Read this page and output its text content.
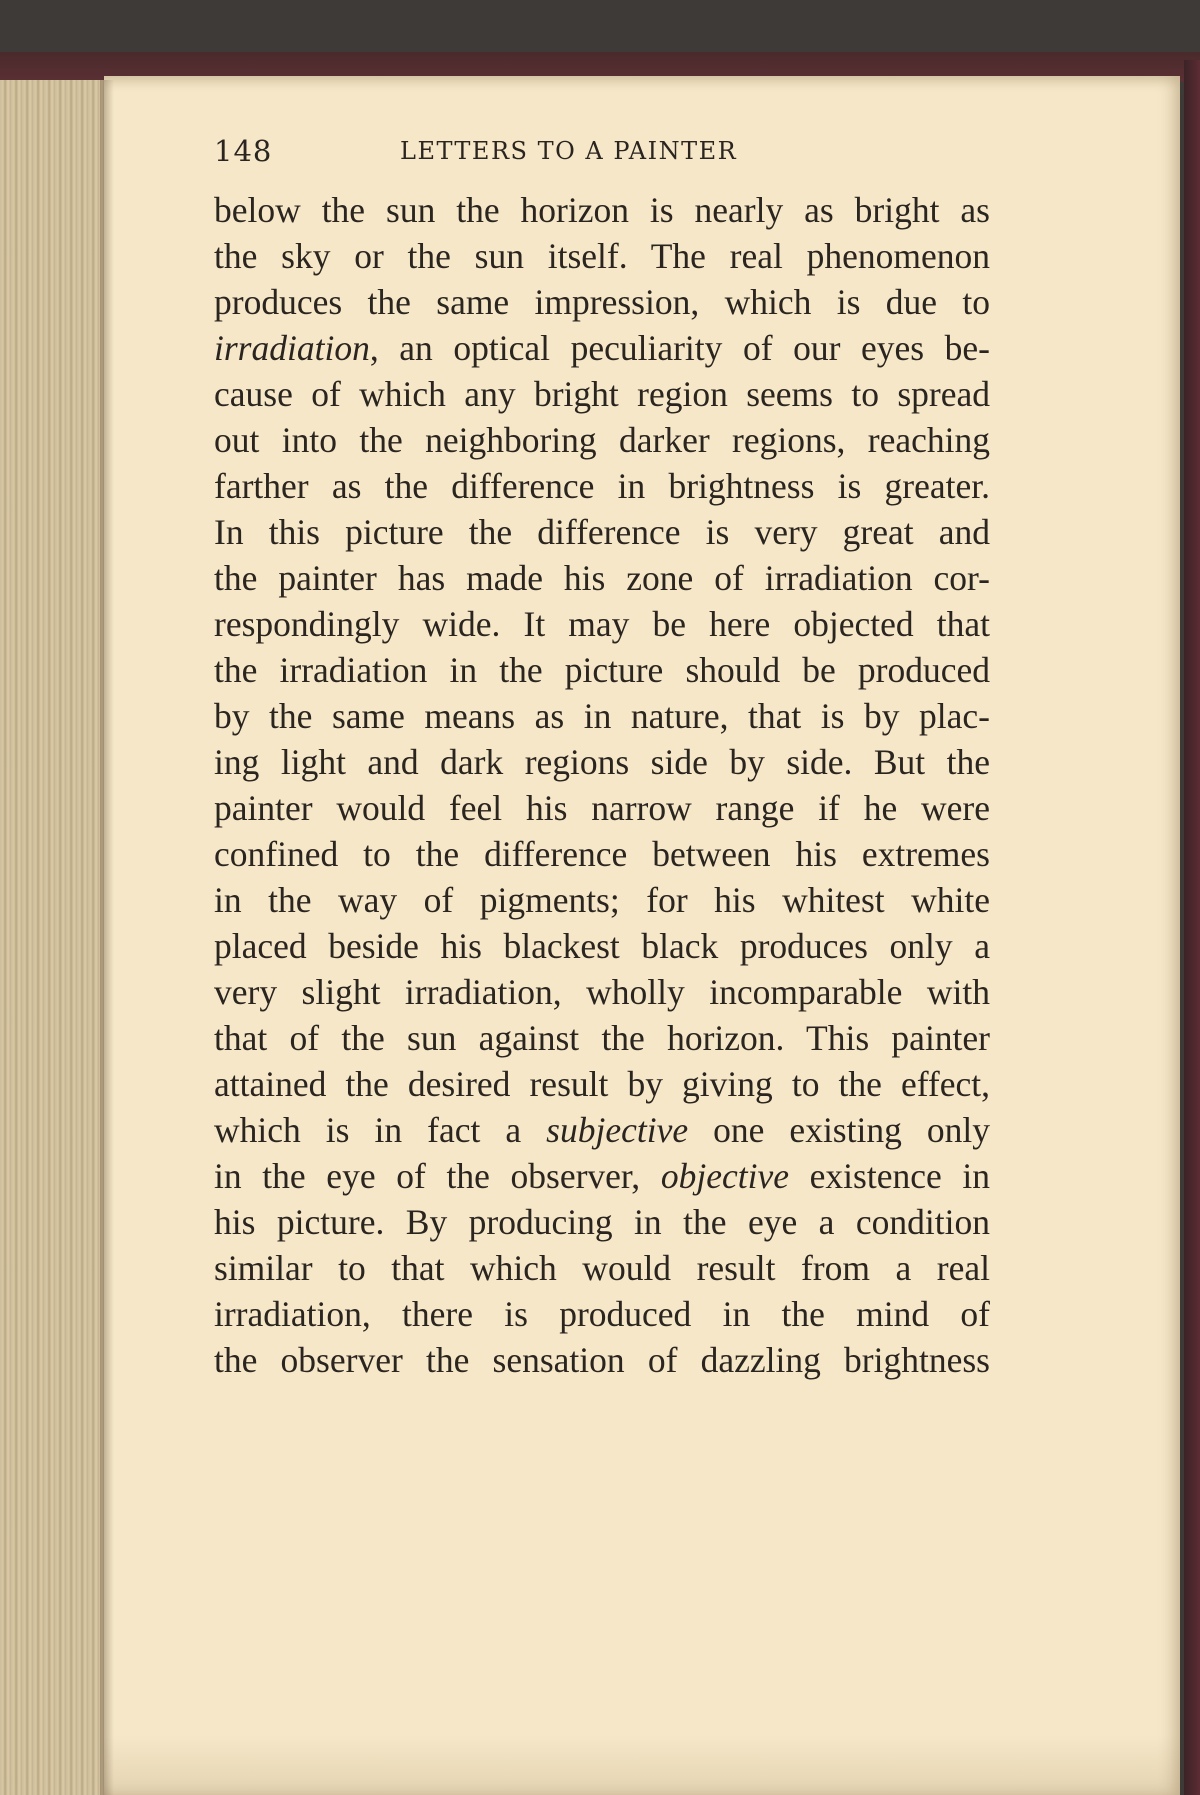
148	LETTERS TO A PAINTER
below the sun the horizon is nearly as bright as
the sky or the sun itself. The real phenomenon
produces the same impression, which is due to
irradiation, an optical peculiarity of our eyes be-
cause of which any bright region seems to spread
out into the neighboring darker regions, reaching
farther as the difference in brightness is greater.
In this picture the difference is very great and
the painter has made his zone of irradiation cor-
respondingly wide. It may be here objected that
the irradiation in the picture should be produced
by the same means as in nature, that is by plac-
ing light and dark regions side by side. But the
painter would feel his narrow range if he were
confined to the difference between his extremes
in the way of pigments; for his whitest white
placed beside his blackest black produces only a
very slight irradiation, wholly incomparable with
that of the sun against the horizon. This painter
attained the desired result by giving to the effect,
which is in fact a subjective one existing only
in the eye of the observer, objective existence in
his picture. By producing in the eye a condition
similar to that which would result from a real
irradiation, there is produced in the mind of
the observer the sensation of dazzling brightness
